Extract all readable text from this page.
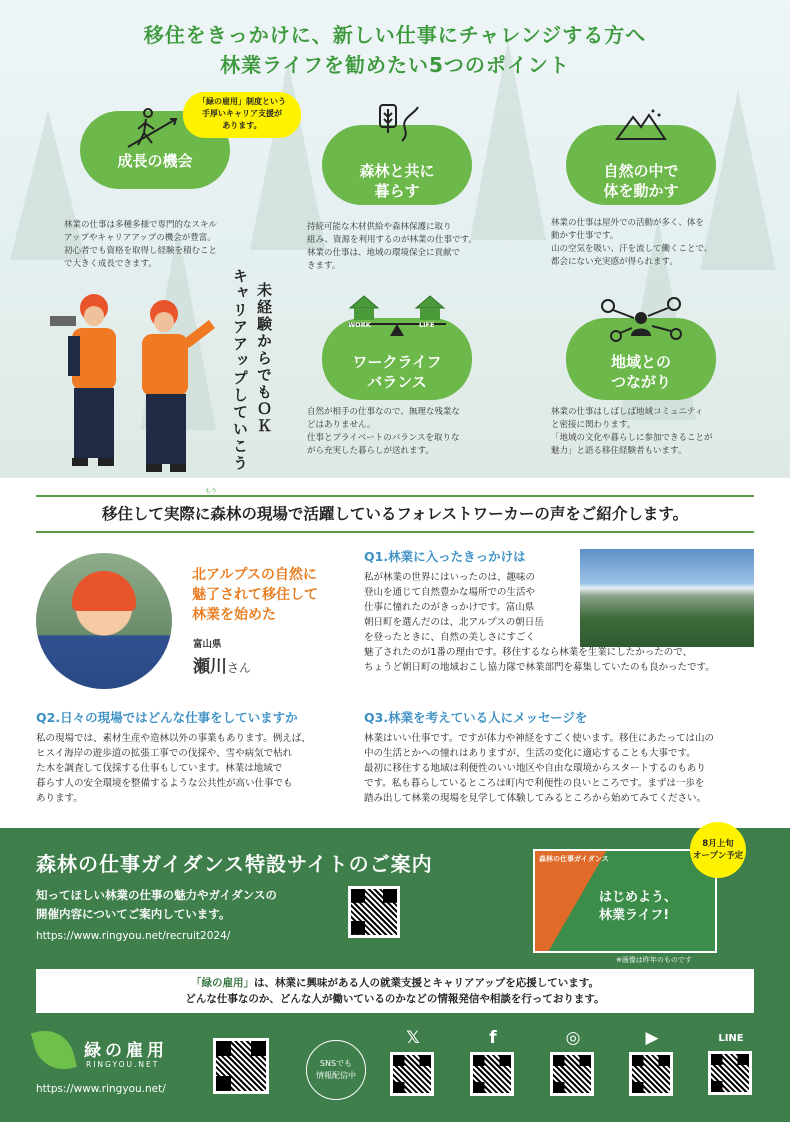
移住をきっかけに、新しい仕事にチャレンジする方へ
林業ライフを勧めたい5つのポイント
成長の機会
「緑の雇用」制度という
手厚いキャリア支援が
あります。
林業の仕事は多種多様で専門的なスキル
アップやキャリアアップの機会が豊富。
初心者でも資格を取得し経験を積むこと
で大きく成長できます。
森林と共に
暮らす
持続可能な木材供給や森林保護に取り
組み、資源を利用するのが林業の仕事です。
林業の仕事は、地域の環境保全に貢献で
きます。
自然の中で
体を動かす
林業の仕事は屋外での活動が多く、体を
動かす仕事です。
山の空気を吸い、汗を流して働くことで、
都会にない充実感が得られます。
WORK	LIFE
ワークライフ
バランス
自然が相手の仕事なので、無理な残業な
どはありません。
仕事とプライベートのバランスを取りな
がら充実した暮らしが送れます。
地域との
つながり
林業の仕事はしばしば地域コミュニティ
と密接に関わります。
「地域の文化や暮らしに参加できることが
魅力」と語る移住経験者もいます。
未経験からでもＯＫ
キャリアアップしていこう
移住して実際に森林の現場で活躍しているフォレストワーカーの声をご紹介します。
もり
北アルプスの自然に
魅了されて移住して
林業を始めた
富山県
瀬川さん
Q1.林業に入ったきっかけは
私が林業の世界にはいったのは、趣味の
登山を通じて自然豊かな場所での生活や
仕事に憧れたのがきっかけです。富山県
朝日町を選んだのは、北アルプスの朝日岳
を登ったときに、自然の美しさにすごく
魅了されたのが1番の理由です。移住するなら林業を生業にしたかったので、
ちょうど朝日町の地域おこし協力隊で林業部門を募集していたのも良かったです。
Q2.日々の現場ではどんな仕事をしていますか
私の現場では、素材生産や造林以外の事業もあります。例えば、
ヒスイ海岸の遊歩道の拡張工事での伐採や、雪や病気で枯れ
た木を調査して伐採する仕事もしています。林業は地域で
暮らす人の安全環境を整備するような公共性が高い仕事でも
あります。
Q3.林業を考えている人にメッセージを
林業はいい仕事です。ですが体力や神経をすごく使います。移住にあたっては山の
中の生活とかへの憧れはありますが、生活の変化に適応することも大事です。
最初に移住する地域は利便性のいい地区や自由な環境からスタートするのもあり
です。私も暮らしているところは町内で利便性の良いところです。まずは一歩を
踏み出して林業の現場を見学して体験してみるところから始めてみてください。
森林の仕事ガイダンス特設サイトのご案内
知ってほしい林業の仕事の魅力やガイダンスの
開催内容についてご案内しています。
https://www.ringyou.net/recruit2024/
森林の仕事ガイダンス
はじめよう、
林業ライフ!
8月上旬
オープン予定
※画像は昨年のものです
「緑の雇用」は、林業に興味がある人の就業支援とキャリアアップを応援しています。
どんな仕事なのか、どんな人が働いているのかなどの情報発信や相談を行っております。
緑の雇用
RINGYOU.NET
https://www.ringyou.net/
SNSでも
情報配信中
𝕏	f	◎	▶	LINE
